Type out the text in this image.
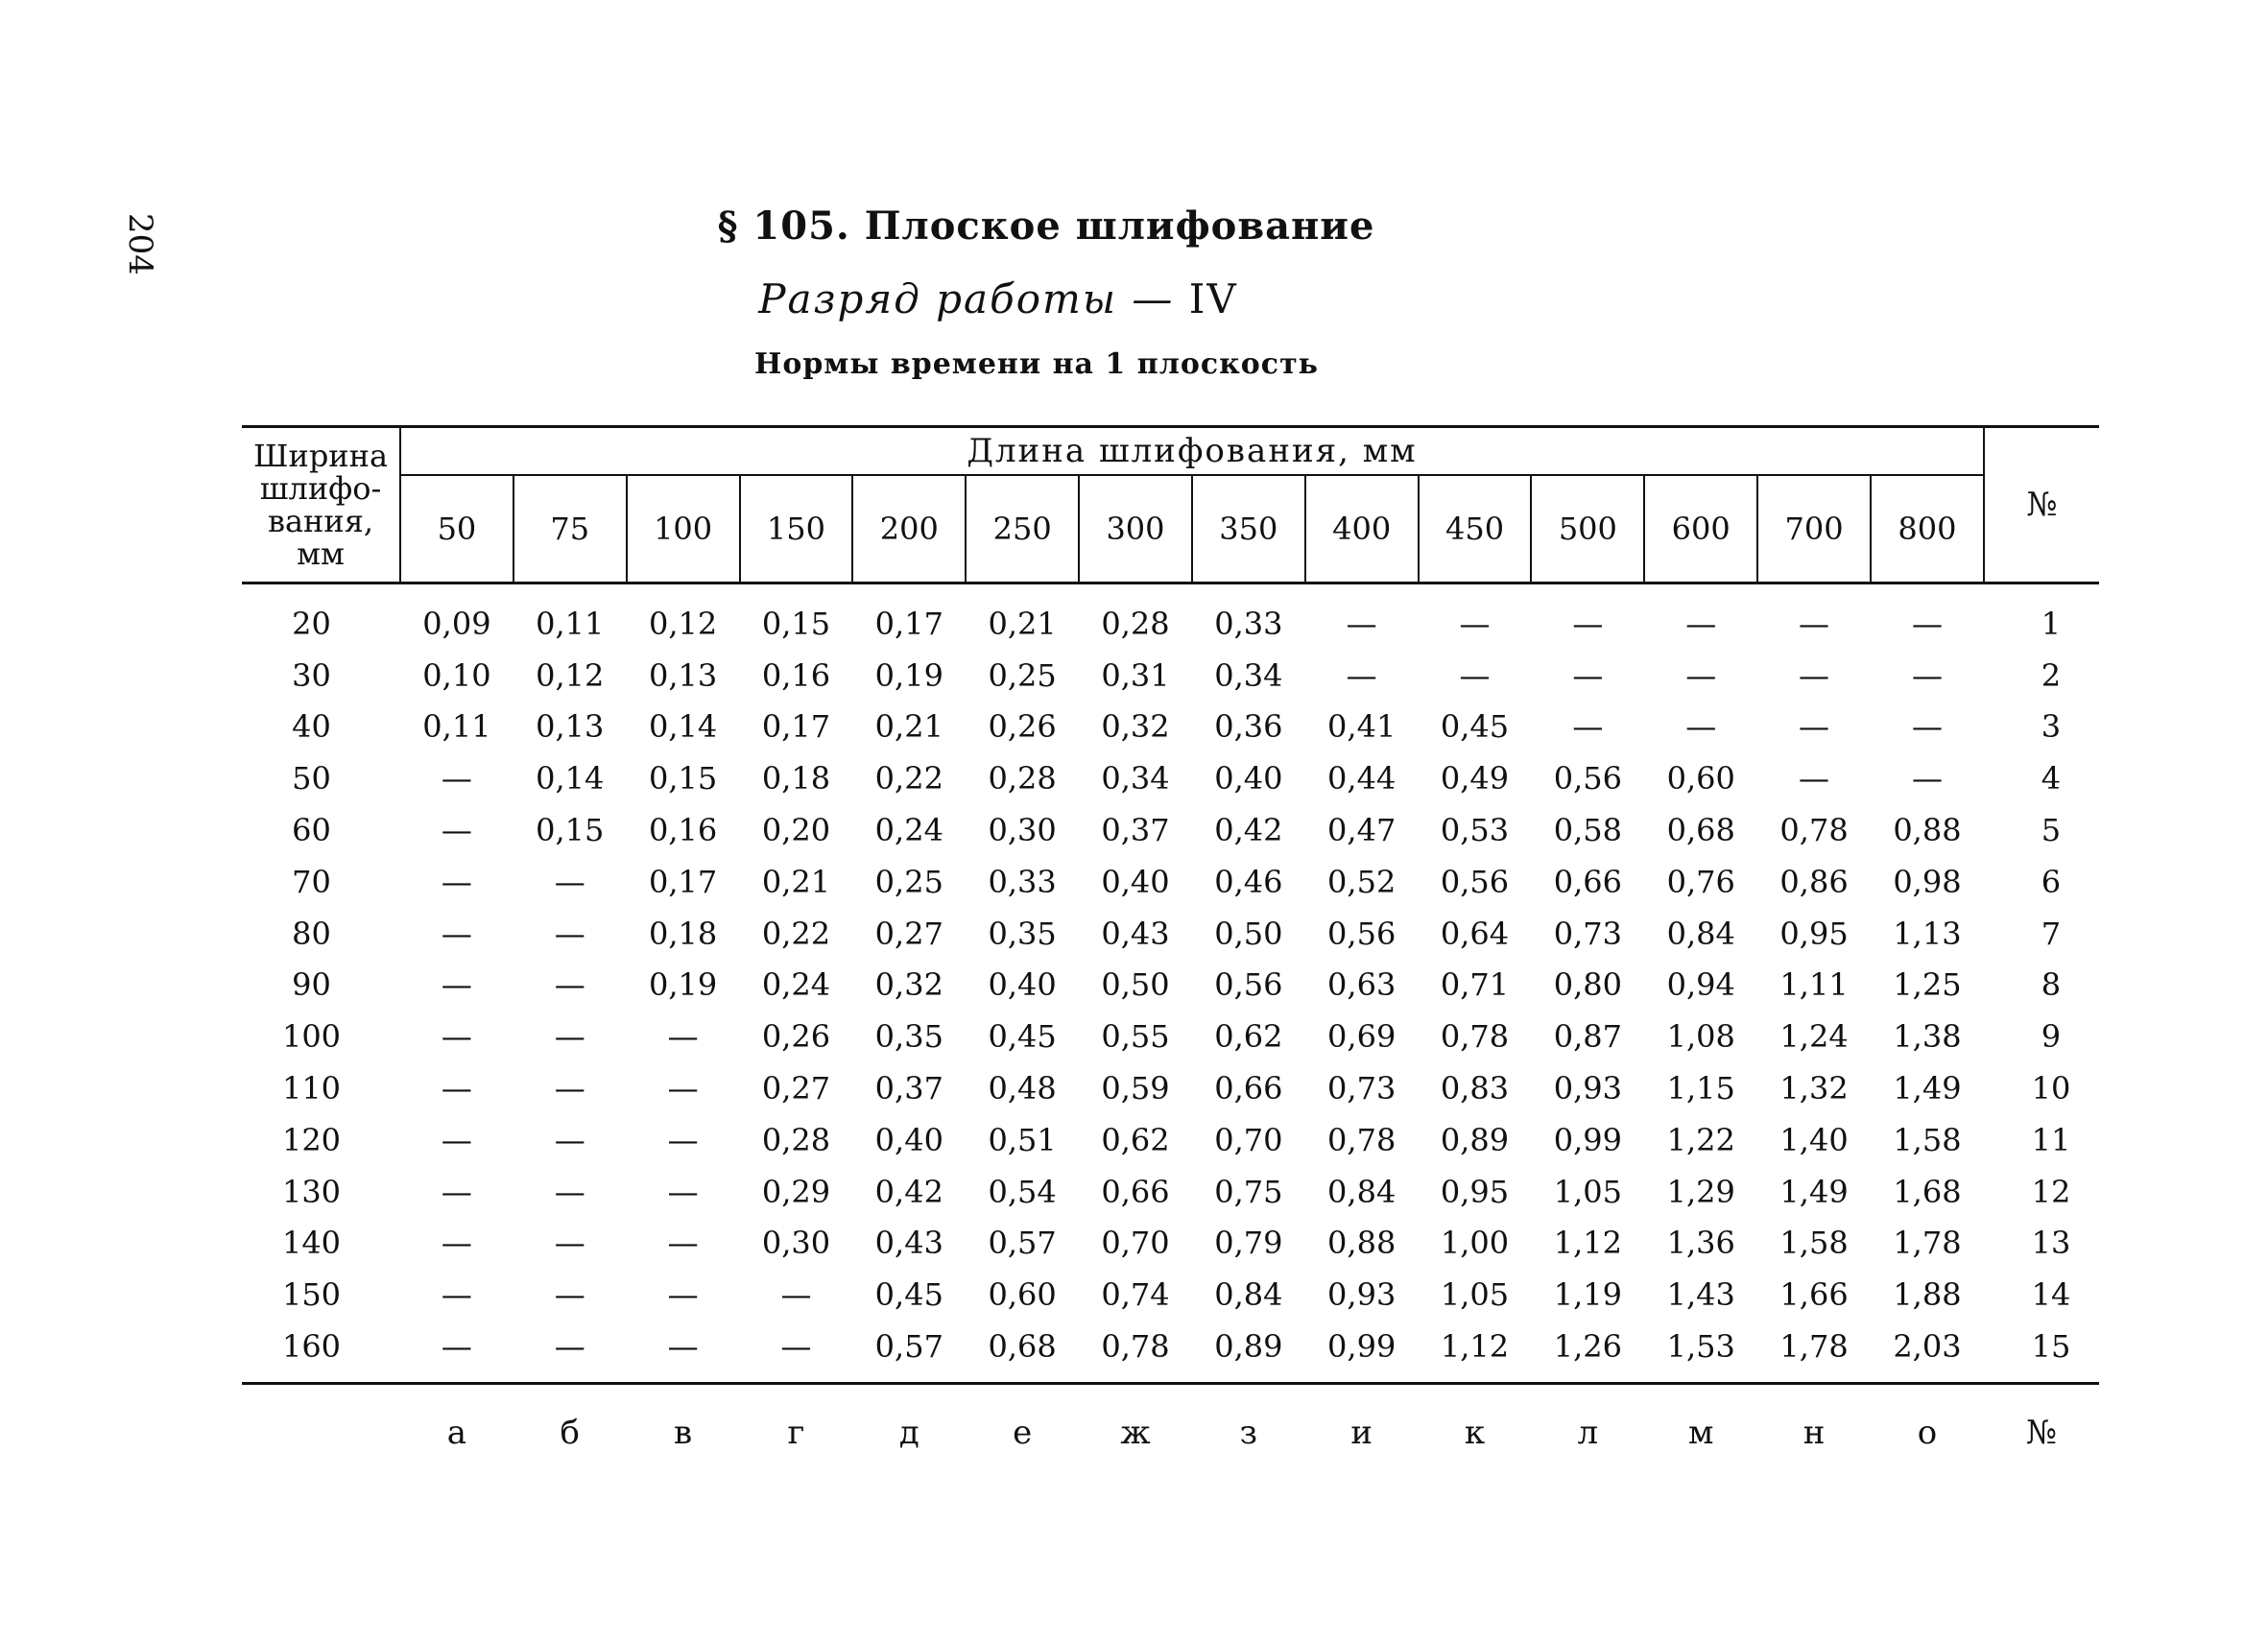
204	§ 105. Плоское шлифование
Разряд работы — IV
Нормы времени на 1 плоскость
Ширина
шлифо-
вания,
мм	Длина шлифования, мм														№
	50	75	100	150	200	250	300	350	400	450	500	600	700	800	
20	0,09	0,11	0,12	0,15	0,17	0,21	0,28	0,33	—	—	—	—	—	—	1
30	0,10	0,12	0,13	0,16	0,19	0,25	0,31	0,34	—	—	—	—	—	—	2
40	0,11	0,13	0,14	0,17	0,21	0,26	0,32	0,36	0,41	0,45	—	—	—	—	3
50	—	0,14	0,15	0,18	0,22	0,28	0,34	0,40	0,44	0,49	0,56	0,60	—	—	4
60	—	0,15	0,16	0,20	0,24	0,30	0,37	0,42	0,47	0,53	0,58	0,68	0,78	0,88	5
70	—	—	0,17	0,21	0,25	0,33	0,40	0,46	0,52	0,56	0,66	0,76	0,86	0,98	6
80	—	—	0,18	0,22	0,27	0,35	0,43	0,50	0,56	0,64	0,73	0,84	0,95	1,13	7
90	—	—	0,19	0,24	0,32	0,40	0,50	0,56	0,63	0,71	0,80	0,94	1,11	1,25	8
100	—	—	—	0,26	0,35	0,45	0,55	0,62	0,69	0,78	0,87	1,08	1,24	1,38	9
110	—	—	—	0,27	0,37	0,48	0,59	0,66	0,73	0,83	0,93	1,15	1,32	1,49	10
120	—	—	—	0,28	0,40	0,51	0,62	0,70	0,78	0,89	0,99	1,22	1,40	1,58	11
130	—	—	—	0,29	0,42	0,54	0,66	0,75	0,84	0,95	1,05	1,29	1,49	1,68	12
140	—	—	—	0,30	0,43	0,57	0,70	0,79	0,88	1,00	1,12	1,36	1,58	1,78	13
150	—	—	—	—	0,45	0,60	0,74	0,84	0,93	1,05	1,19	1,43	1,66	1,88	14
160	—	—	—	—	0,57	0,68	0,78	0,89	0,99	1,12	1,26	1,53	1,78	2,03	15
	а	б	в	г	д	е	ж	з	и	к	л	м	н	о	№
